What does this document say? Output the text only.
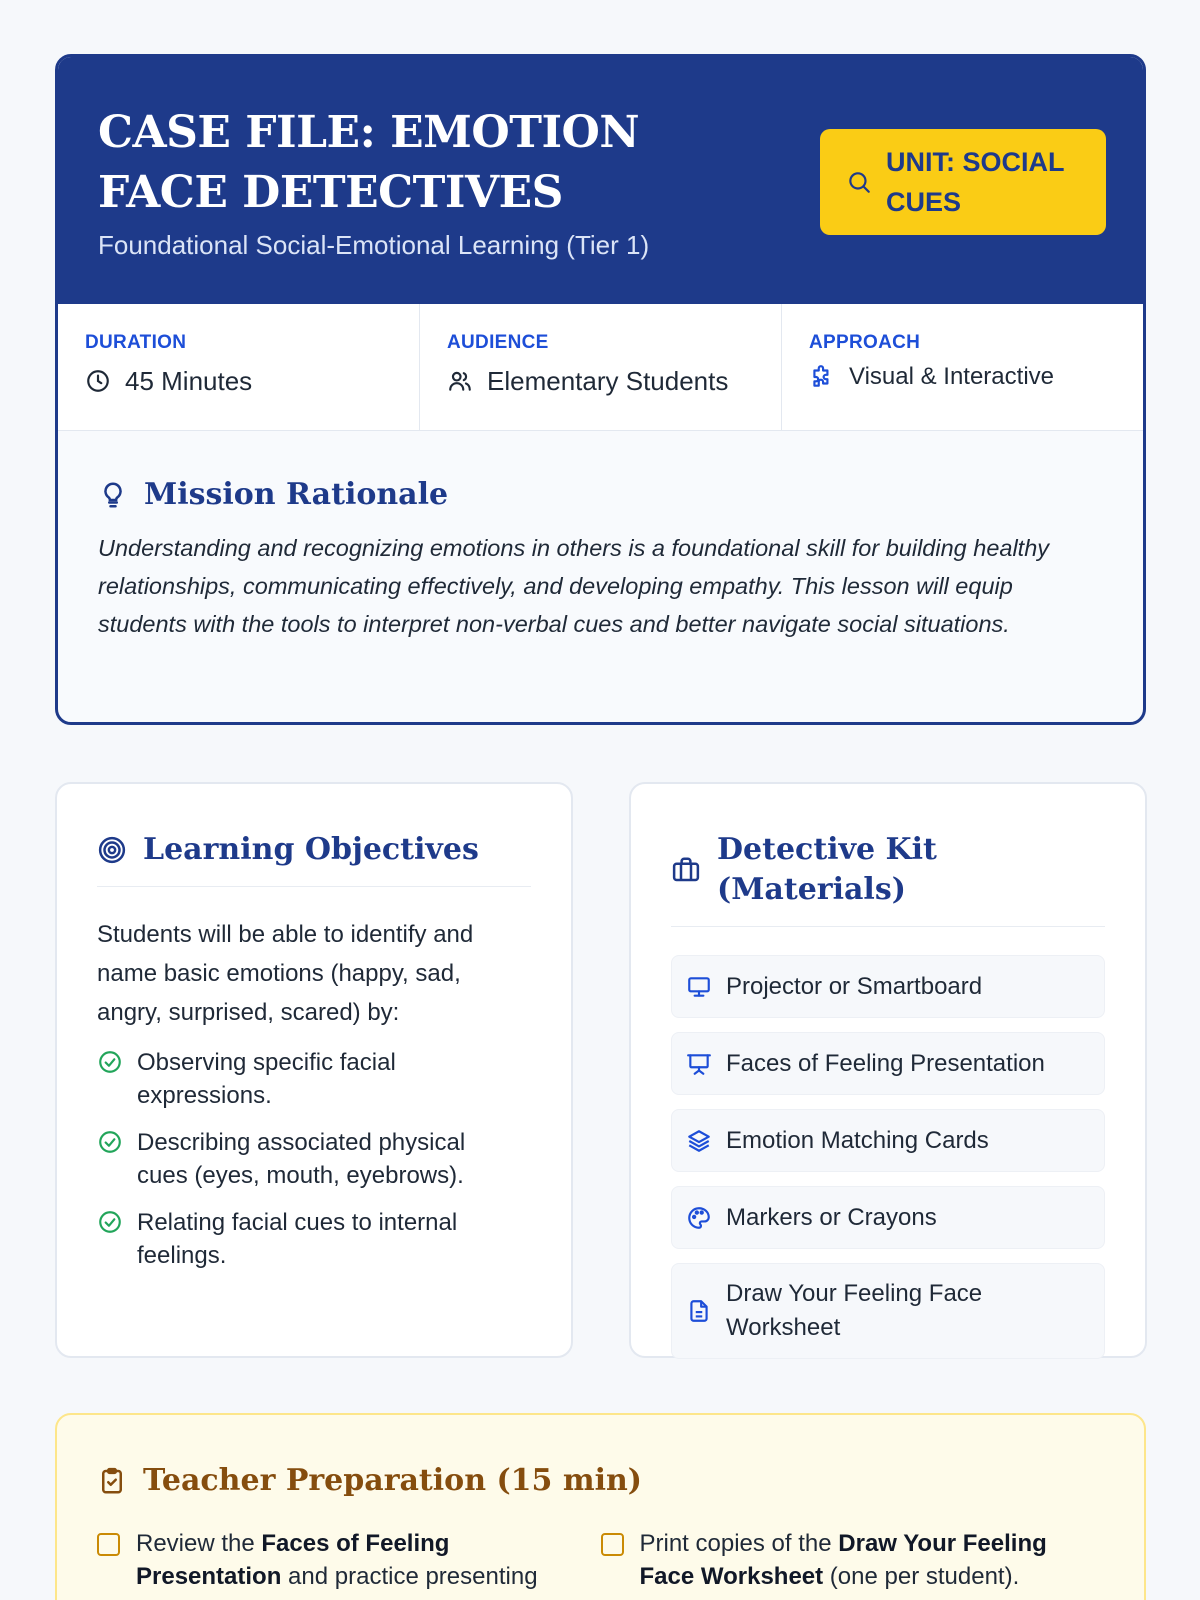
CASE FILE: EMOTION FACE DETECTIVES
Foundational Social-Emotional Learning (Tier 1)
UNIT: SOCIAL CUES
DURATION
45 Minutes
AUDIENCE
Elementary Students
APPROACH
Visual & Interactive
Mission Rationale

Understanding and recognizing emotions in others is a foundational skill for building healthy relationships, communicating effectively, and developing empathy. This lesson will equip students with the tools to interpret non-verbal cues and better navigate social situations.

Learning Objectives

Students will be able to identify and name basic emotions (happy, sad, angry, surprised, scared) by:

Observing specific facial expressions.
Describing associated physical cues (eyes, mouth, eyebrows).
Relating facial cues to internal feelings.
Detective Kit (Materials)
Projector or Smartboard
Faces of Feeling Presentation
Emotion Matching Cards
Markers or Crayons
Draw Your Feeling Face Worksheet
Teacher Preparation (15 min)
Review the Faces of Feeling Presentation and practice presenting
Print copies of the Draw Your Feeling Face Worksheet (one per student).
